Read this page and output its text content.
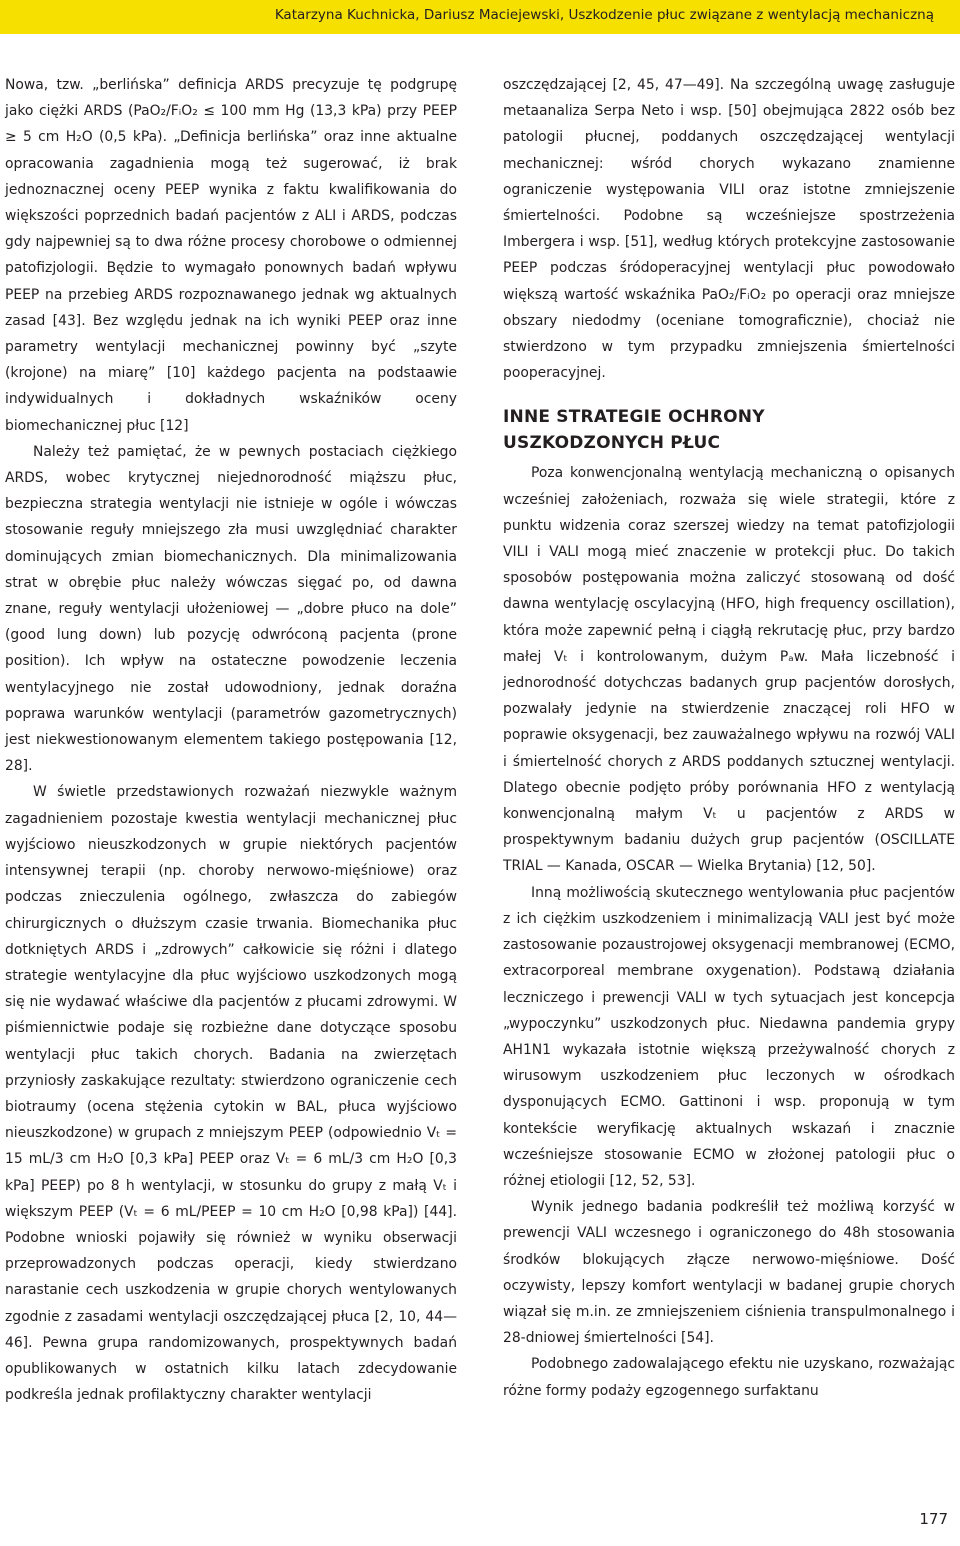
Katarzyna Kuchnicka, Dariusz Maciejewski, Uszkodzenie płuc związane z wentylacją mechaniczną

Nowa, tzw. „berlińska” definicja ARDS precyzuje tę podgrupę jako ciężki ARDS (PaO₂/FᵢO₂ ≤ 100 mm Hg (13,3 kPa) przy PEEP ≥ 5 cm H₂O (0,5 kPa). „Definicja berlińska” oraz inne aktualne opracowania zagadnienia mogą też sugerować, iż brak jednoznacznej oceny PEEP wynika z faktu kwalifikowania do większości poprzednich badań pacjentów z ALI i ARDS, podczas gdy najpewniej są to dwa różne procesy chorobowe o odmiennej patofizjologii. Będzie to wymagało ponownych badań wpływu PEEP na przebieg ARDS rozpoznawanego jednak wg aktualnych zasad [43]. Bez względu jednak na ich wyniki PEEP oraz inne parametry wentylacji mechanicznej powinny być „szyte (krojone) na miarę” [10] każdego pacjenta na podstaawie indywidualnych i dokładnych wskaźników oceny biomechanicznej płuc [12]

Należy też pamiętać, że w pewnych postaciach ciężkiego ARDS, wobec krytycznej niejednorodność miąższu płuc, bezpieczna strategia wentylacji nie istnieje w ogóle i wówczas stosowanie reguły mniejszego zła musi uwzględniać charakter dominujących zmian biomechanicznych. Dla minimalizowania strat w obrębie płuc należy wówczas sięgać po, od dawna znane, reguły wentylacji ułożeniowej — „dobre płuco na dole” (good lung down) lub pozycję odwróconą pacjenta (prone position). Ich wpływ na ostateczne powodzenie leczenia wentylacyjnego nie został udowodniony, jednak doraźna poprawa warunków wentylacji (parametrów gazometrycznych) jest niekwestionowanym elementem takiego postępowania [12, 28].

W świetle przedstawionych rozważań niezwykle ważnym zagadnieniem pozostaje kwestia wentylacji mechanicznej płuc wyjściowo nieuszkodzonych w grupie niektórych pacjentów intensywnej terapii (np. choroby nerwowo-mięśniowe) oraz podczas znieczulenia ogólnego, zwłaszcza do zabiegów chirurgicznych o dłuższym czasie trwania. Biomechanika płuc dotkniętych ARDS i „zdrowych” całkowicie się różni i dlatego strategie wentylacyjne dla płuc wyjściowo uszkodzonych mogą się nie wydawać właściwe dla pacjentów z płucami zdrowymi. W piśmiennictwie podaje się rozbieżne dane dotyczące sposobu wentylacji płuc takich chorych. Badania na zwierzętach przyniosły zaskakujące rezultaty: stwierdzono ograniczenie cech biotraumy (ocena stężenia cytokin w BAL, płuca wyjściowo nieuszkodzone) w grupach z mniejszym PEEP (odpowiednio Vₜ = 15 mL/3 cm H₂O [0,3 kPa] PEEP oraz Vₜ = 6 mL/3 cm H₂O [0,3 kPa] PEEP) po 8 h wentylacji, w stosunku do grupy z małą Vₜ i większym PEEP (Vₜ = 6 mL/PEEP = 10 cm H₂O [0,98 kPa]) [44]. Podobne wnioski pojawiły się również w wyniku obserwacji przeprowadzonych podczas operacji, kiedy stwierdzano narastanie cech uszkodzenia w grupie chorych wentylowanych zgodnie z zasadami wentylacji oszczędzającej płuca [2, 10, 44—46]. Pewna grupa randomizowanych, prospektywnych badań opublikowanych w ostatnich kilku latach zdecydowanie podkreśla jednak profilaktyczny charakter wentylacji

oszczędzającej [2, 45, 47—49]. Na szczególną uwagę zasługuje metaanaliza Serpa Neto i wsp. [50] obejmująca 2822 osób bez patologii płucnej, poddanych oszczędzającej wentylacji mechanicznej: wśród chorych wykazano znamienne ograniczenie występowania VILI oraz istotne zmniejszenie śmiertelności. Podobne są wcześniejsze spostrzeżenia Imbergera i wsp. [51], według których protekcyjne zastosowanie PEEP podczas śródoperacyjnej wentylacji płuc powodowało większą wartość wskaźnika PaO₂/FᵢO₂ po operacji oraz mniejsze obszary niedodmy (oceniane tomograficznie), chociaż nie stwierdzono w tym przypadku zmniejszenia śmiertelności pooperacyjnej.

INNE STRATEGIE OCHRONY
USZKODZONYCH PŁUC

Poza konwencjonalną wentylacją mechaniczną o opisanych wcześniej założeniach, rozważa się wiele strategii, które z punktu widzenia coraz szerszej wiedzy na temat patofizjologii VILI i VALI mogą mieć znaczenie w protekcji płuc. Do takich sposobów postępowania można zaliczyć stosowaną od dość dawna wentylację oscylacyjną (HFO, high frequency oscillation), która może zapewnić pełną i ciągłą rekrutację płuc, przy bardzo małej Vₜ i kontrolowanym, dużym Pₐw. Mała liczebność i jednorodność dotychczas badanych grup pacjentów dorosłych, pozwalały jedynie na stwierdzenie znaczącej roli HFO w poprawie oksygenacji, bez zauważalnego wpływu na rozwój VALI i śmiertelność chorych z ARDS poddanych sztucznej wentylacji. Dlatego obecnie podjęto próby porównania HFO z wentylacją konwencjonalną małym Vₜ u pacjentów z ARDS w prospektywnym badaniu dużych grup pacjentów (OSCILLATE TRIAL — Kanada, OSCAR — Wielka Brytania) [12, 50].

Inną możliwością skutecznego wentylowania płuc pacjentów z ich ciężkim uszkodzeniem i minimalizacją VALI jest być może zastosowanie pozaustrojowej oksygenacji membranowej (ECMO, extracorporeal membrane oxygenation). Podstawą działania leczniczego i prewencji VALI w tych sytuacjach jest koncepcja „wypoczynku” uszkodzonych płuc. Niedawna pandemia grypy AH1N1 wykazała istotnie większą przeżywalność chorych z wirusowym uszkodzeniem płuc leczonych w ośrodkach dysponujących ECMO. Gattinoni i wsp. proponują w tym kontekście weryfikację aktualnych wskazań i znacznie wcześniejsze stosowanie ECMO w złożonej patologii płuc o różnej etiologii [12, 52, 53].

Wynik jednego badania podkreślił też możliwą korzyść w prewencji VALI wczesnego i ograniczonego do 48h stosowania środków blokujących złącze nerwowo-mięśniowe. Dość oczywisty, lepszy komfort wentylacji w badanej grupie chorych wiązał się m.in. ze zmniejszeniem ciśnienia transpulmonalnego i 28-dniowej śmiertelności [54].

Podobnego zadowalającego efektu nie uzyskano, rozważając różne formy podaży egzogennego surfaktanu

177
